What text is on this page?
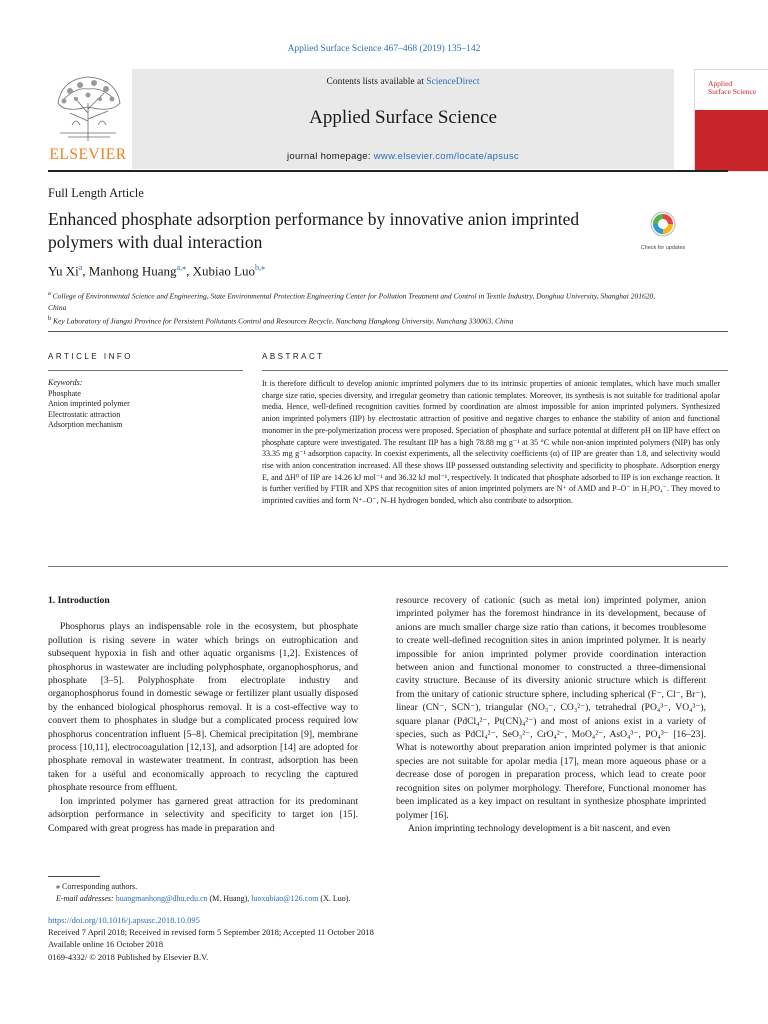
Applied Surface Science 467–468 (2019) 135–142
ELSEVIER
Contents lists available at ScienceDirect
Applied Surface Science
journal homepage: www.elsevier.com/locate/apsusc
Applied
Surface Science
Full Length Article
Enhanced phosphate adsorption performance by innovative anion imprinted polymers with dual interaction	Check for updates
Yu Xi$^a$, Manhong Huang$^{a,⁎}$, Xubiao Luo$^{b,⁎}$
$^a$ College of Environmental Science and Engineering, State Environmental Protection Engineering Center for Pollution Treatment and Control in Textile Industry, Donghua University, Shanghai 201620, China
$^b$ Key Laboratory of Jiangxi Province for Persistent Pollutants Control and Resources Recycle, Nanchang Hangkong University, Nanchang 330063, China
ARTICLE INFO	ABSTRACT
Keywords:
Phosphate
Anion imprinted polymer
Electrostatic attraction
Adsorption mechanism
It is therefore difficult to develop anionic imprinted polymers due to its intrinsic properties of anionic templates, which have much smaller charge size ratio, species diversity, and irregular geometry than cationic templates. Moreover, its synthesis is not suitable for traditional apolar media. Hence, well-defined recognition cavities formed by coordination are almost impossible for anion imprinted polymers. Synthesized anion imprinted polymers (IIP) by electrostatic attraction of positive and negative charges to enhance the stability of anion and functional monomer in the pre-polymerization process were proposed. Speciation of phosphate and surface potential at different pH on IIP have effect on phosphate capture were investigated. The resultant IIP has a high 78.88 mg g⁻¹ at 35 °C while non-anion imprinted polymers (NIP) has only 33.35 mg g⁻¹ adsorption capacity. In coexist experiments, all the selectivity coefficients (α) of IIP are greater than 1.8, and selectivity would rise with anion concentration increased. All these shows IIP possessed outstanding selectivity and specificity to phosphate. Adsorption energy E, and ΔH⁰ of IIP are 14.26 kJ mol⁻¹ and 36.32 kJ mol⁻¹, respectively. It indicated that phosphate adsorbed to IIP is ion exchange reaction. It is further verified by FTIR and XPS that recognition sites of anion imprinted polymers are N⁺ of AMD and P–O⁻ in H₂PO₄⁻. They moved to imprinted cavities and form N⁺–O⁻, N–H hydrogen bonded, which also contribute to adsorption.
1. Introduction

Phosphorus plays an indispensable role in the ecosystem, but phosphate pollution is rising severe in water which brings on eutrophication and subsequent hypoxia in fish and other aquatic organisms [1,2]. Existences of phosphorus in wastewater are including polyphosphate, organophosphorus, and phosphate [3–5]. Polyphosphate from electroplate industry and organophosphorus found in domestic sewage or fertilizer plant usually disposed by the enhanced biological phosphorus removal. It is a cost-effective way to convert them to phosphates in sludge but a complicated process required low phosphorus concentration influent [5–8]. Chemical precipitation [9], membrane process [10,11], electrocoagulation [12,13], and adsorption [14] are adopted for phosphate removal in wastewater treatment. In contrast, adsorption has been taken for a useful and economically approach to recycling the captured phosphate resource from effluent.

Ion imprinted polymer has garnered great attraction for its predominant adsorption performance in selectivity and specificity to target ion [15]. Compared with great progress has made in preparation and

resource recovery of cationic (such as metal ion) imprinted polymer, anion imprinted polymer has the foremost hindrance in its development, because of anions are much smaller charge size ratio than cations, it becomes troublesome to create well-defined recognition sites in anion imprinted polymer. It is nearly impossible for anion imprinted polymer provide coordination interaction between anion and functional monomer to constructed a three-dimensional cavity structure. Because of its diversity anionic structure which is different from the unitary of cationic structure sphere, including spherical (F⁻, Cl⁻, Br⁻), linear (CN⁻, SCN⁻), triangular (NO₃⁻, CO₃²⁻), tetrahedral (PO₄³⁻, VO₄³⁻), square planar (PdCl₄²⁻, Pt(CN)₄²⁻) and most of anions exist in a variety of species, such as PdCl₄²⁻, SeO₃²⁻, CrO₄²⁻, MoO₄²⁻, AsO₄³⁻, PO₄³⁻ [16–23]. What is noteworthy about preparation anion imprinted polymer is that anionic species are not suitable for apolar media [17], mean more aqueous phase or a decrease dose of porogen in preparation process, which lead to create poor recognition sites on polymer morphology. Therefore, Functional monomer has been implicated as a key impact on resultant in synthesize phosphate imprinted polymer [16].

Anion imprinting technology development is a bit nascent, and even

⁎ Corresponding authors.
E-mail addresses: huangmanhong@dhu.edu.cn (M. Huang), luoxubiao@126.com (X. Luo).
https://doi.org/10.1016/j.apsusc.2018.10.095
Received 7 April 2018; Received in revised form 5 September 2018; Accepted 11 October 2018
Available online 16 October 2018
0169-4332/ © 2018 Published by Elsevier B.V.
